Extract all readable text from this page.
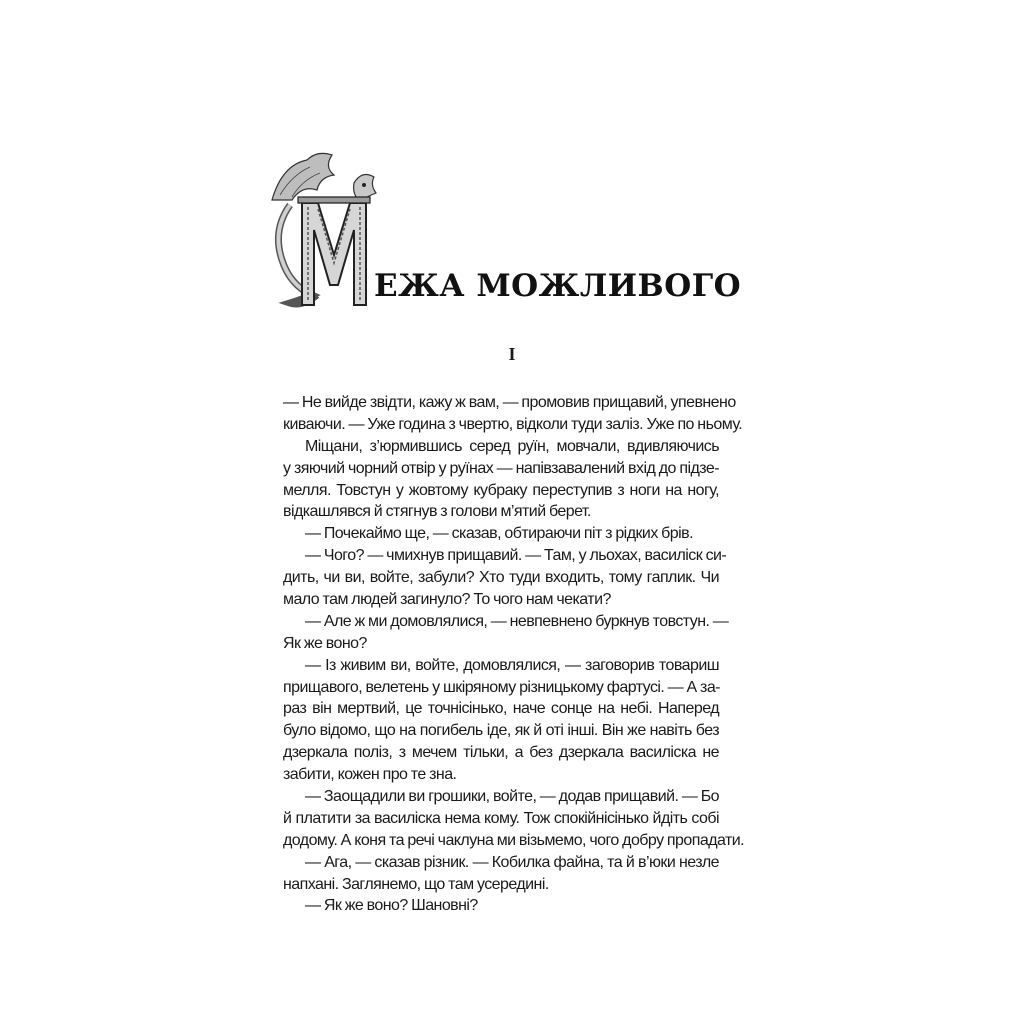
ЕЖА МОЖЛИВОГО
I
— Не вийде звідти, кажу ж вам, — промовив прищавий, упевнено
киваючи. — Уже година з чвертю, відколи туди заліз. Уже по ньому.
Міщани, з’юрмившись серед руїн, мовчали, вдивляючись
у зяючий чорний отвір у руїнах — напівзавалений вхід до підзе-
мелля. Товстун у жовтому кубраку переступив з ноги на ногу,
відкашлявся й стягнув з голови м’ятий берет.
— Почекаймо ще, — сказав, обтираючи піт з рідких брів.
— Чого? — чмихнув прищавий. — Там, у льохах, василіск си-
дить, чи ви, войте, забули? Хто туди входить, тому гаплик. Чи
мало там людей загинуло? То чого нам чекати?
— Але ж ми домовлялися, — невпевнено буркнув товстун. —
Як же воно?
— Із живим ви, войте, домовлялися, — заговорив товариш
прищавого, велетень у шкіряному різницькому фартусі. — А за-
раз він мертвий, це точнісінько, наче сонце на небі. Наперед
було відомо, що на погибель іде, як й оті інші. Він же навіть без
дзеркала поліз, з мечем тільки, а без дзеркала василіска не
забити, кожен про те зна.
— Заощадили ви грошики, войте, — додав прищавий. — Бо
й платити за василіска нема кому. Тож спокійнісінько йдіть собі
додому. А коня та речі чаклуна ми візьмемо, чого добру пропадати.
— Ага, — сказав різник. — Кобилка файна, та й в’юки незле
напхані. Заглянемо, що там усередині.
— Як же воно? Шановні?
